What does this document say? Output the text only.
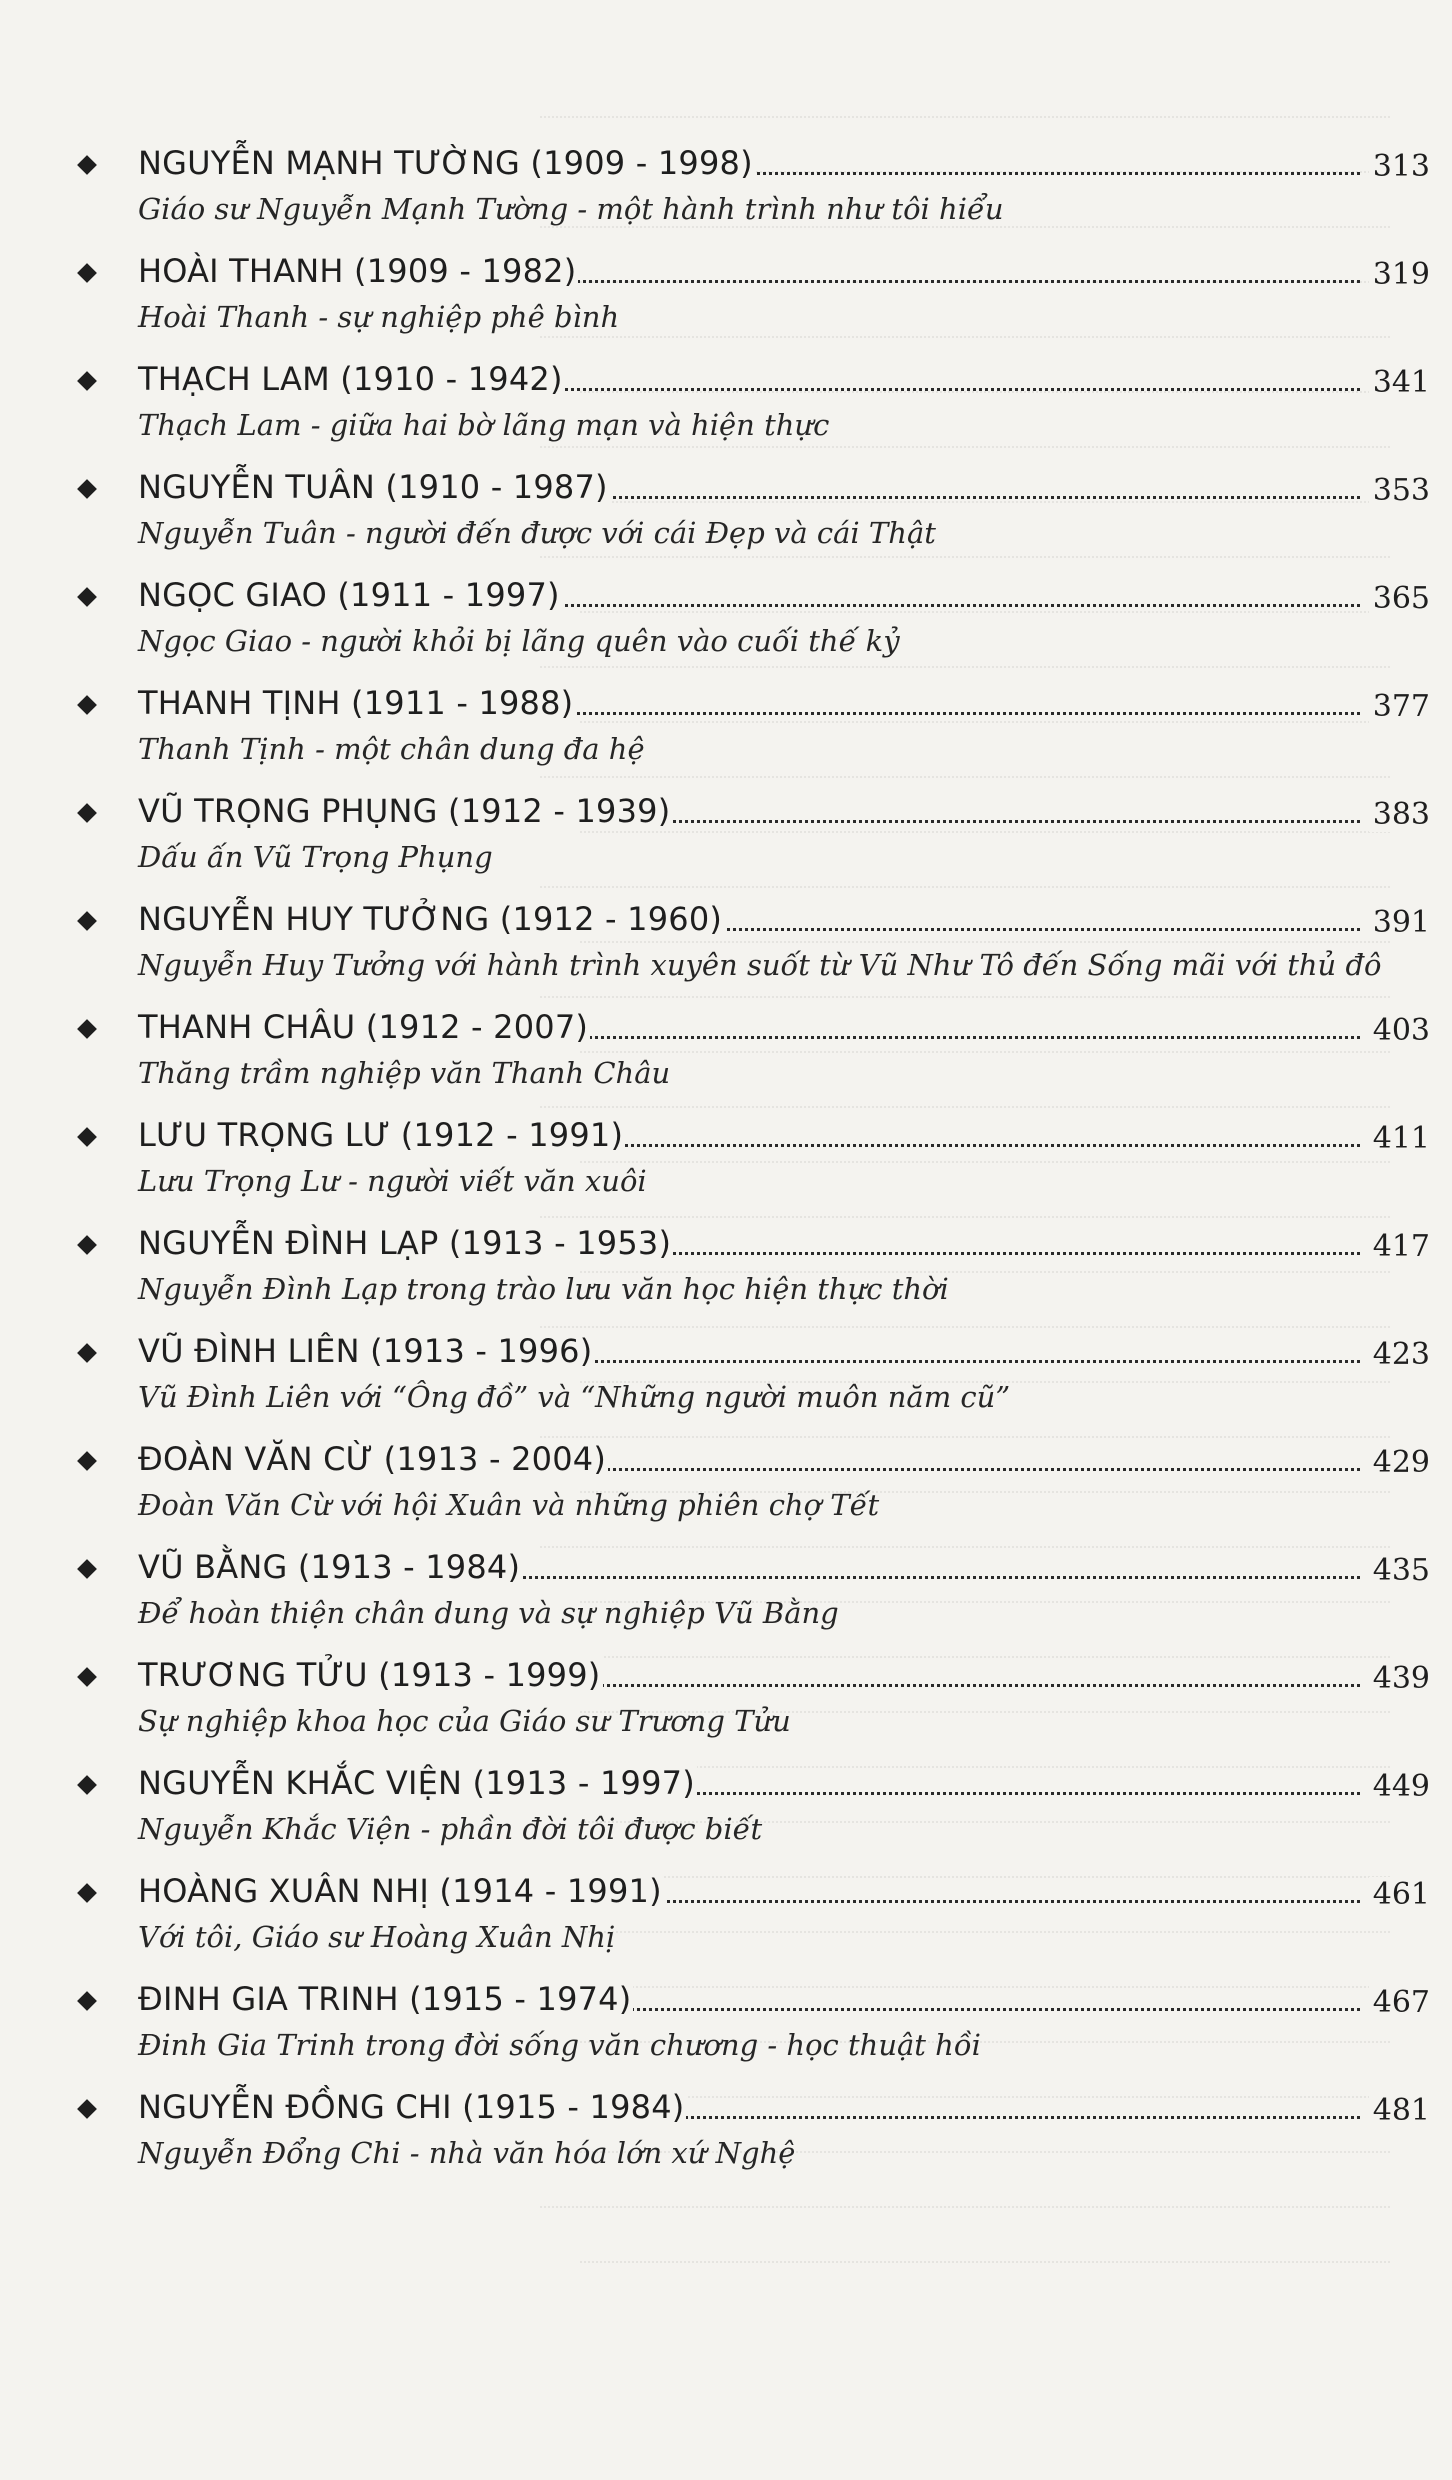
NGUYỄN MẠNH TƯỜNG (1909 - 1998)	313
Giáo sư Nguyễn Mạnh Tường - một hành trình như tôi hiểu
HOÀI THANH (1909 - 1982)	319
Hoài Thanh - sự nghiệp phê bình
THẠCH LAM (1910 - 1942)	341
Thạch Lam - giữa hai bờ lãng mạn và hiện thực
NGUYỄN TUÂN (1910 - 1987)	353
Nguyễn Tuân - người đến được với cái Đẹp và cái Thật
NGỌC GIAO (1911 - 1997)	365
Ngọc Giao - người khỏi bị lãng quên vào cuối thế kỷ
THANH TỊNH (1911 - 1988)	377
Thanh Tịnh - một chân dung đa hệ
VŨ TRỌNG PHỤNG (1912 - 1939)	383
Dấu ấn Vũ Trọng Phụng
NGUYỄN HUY TƯỞNG (1912 - 1960)	391
Nguyễn Huy Tưởng với hành trình xuyên suốt từ Vũ Như Tô đến Sống mãi với thủ đô
THANH CHÂU (1912 - 2007)	403
Thăng trầm nghiệp văn Thanh Châu
LƯU TRỌNG LƯ (1912 - 1991)	411
Lưu Trọng Lư - người viết văn xuôi
NGUYỄN ĐÌNH LẠP (1913 - 1953)	417
Nguyễn Đình Lạp trong trào lưu văn học hiện thực thời
VŨ ĐÌNH LIÊN (1913 - 1996)	423
Vũ Đình Liên với “Ông đồ” và “Những người muôn năm cũ”
ĐOÀN VĂN CỪ (1913 - 2004)	429
Đoàn Văn Cừ với hội Xuân và những phiên chợ Tết
VŨ BẰNG (1913 - 1984)	435
Để hoàn thiện chân dung và sự nghiệp Vũ Bằng
TRƯƠNG TỬU (1913 - 1999)	439
Sự nghiệp khoa học của Giáo sư Trương Tửu
NGUYỄN KHẮC VIỆN (1913 - 1997)	449
Nguyễn Khắc Viện - phần đời tôi được biết
HOÀNG XUÂN NHỊ (1914 - 1991)	461
Với tôi, Giáo sư Hoàng Xuân Nhị
ĐINH GIA TRINH (1915 - 1974)	467
Đinh Gia Trinh trong đời sống văn chương - học thuật hồi
NGUYỄN ĐỒNG CHI (1915 - 1984)	481
Nguyễn Đổng Chi - nhà văn hóa lớn xứ Nghệ
